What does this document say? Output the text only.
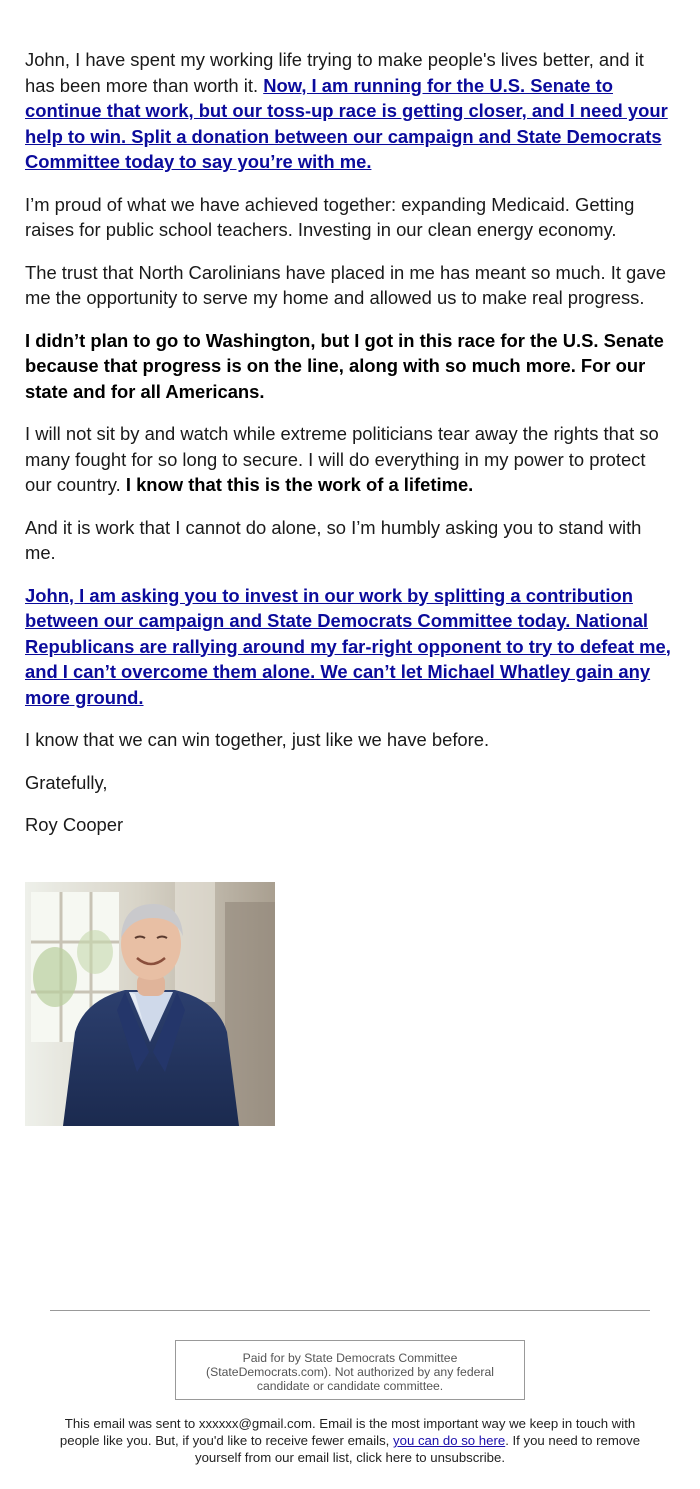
John, I have spent my working life trying to make people's lives better, and it has been more than worth it. Now, I am running for the U.S. Senate to continue that work, but our toss-up race is getting closer, and I need your help to win. Split a donation between our campaign and State Democrats Committee today to say you’re with me.

I’m proud of what we have achieved together: expanding Medicaid. Getting raises for public school teachers. Investing in our clean energy economy.

The trust that North Carolinians have placed in me has meant so much. It gave me the opportunity to serve my home and allowed us to make real progress.

I didn’t plan to go to Washington, but I got in this race for the U.S. Senate because that progress is on the line, along with so much more. For our state and for all Americans.

I will not sit by and watch while extreme politicians tear away the rights that so many fought for so long to secure. I will do everything in my power to protect our country. I know that this is the work of a lifetime.

And it is work that I cannot do alone, so I’m humbly asking you to stand with me.

John, I am asking you to invest in our work by splitting a contribution between our campaign and State Democrats Committee today. National Republicans are rallying around my far-right opponent to try to defeat me, and I can’t overcome them alone. We can’t let Michael Whatley gain any more ground.

I know that we can win together, just like we have before.

Gratefully,

Roy Cooper

Paid for by State Democrats Committee (StateDemocrats.com). Not authorized by any federal candidate or candidate committee.
This email was sent to xxxxxx@gmail.com. Email is the most important way we keep in touch with people like you. But, if you'd like to receive fewer emails, you can do so here. If you need to remove yourself from our email list, click here to unsubscribe.
